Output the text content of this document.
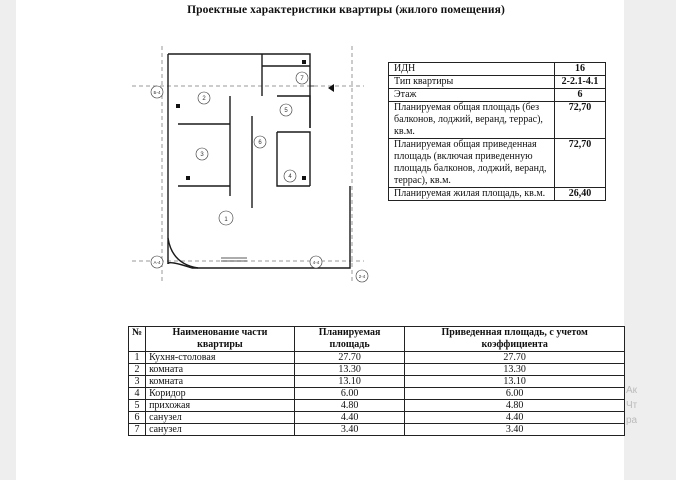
Проектные характеристики квартиры (жилого помещения)
1
3
2
6
5
4
7
Б-4
А-4
2-4
4-4
ИДН	16
Тип квартиры	2-2.1-4.1
Этаж	6
Планируемая общая площадь (без балконов, лоджий, веранд, террас), кв.м.	72,70
Планируемая общая приведенная площадь (включая приведенную площадь балконов, лоджий, веранд, террас), кв.м.	72,70
Планируемая жилая площадь, кв.м.	26,40
№	Наименование части квартиры	Планируемая площадь	Приведенная площадь, с учетом коэффициента
1	Кухня-столовая	27.70	27.70
2	комната	13.30	13.30
3	комната	13.10	13.10
4	Коридор	6.00	6.00
5	прихожая	4.80	4.80
6	санузел	4.40	4.40
7	санузел	3.40	3.40
Ак
Чт
ра
